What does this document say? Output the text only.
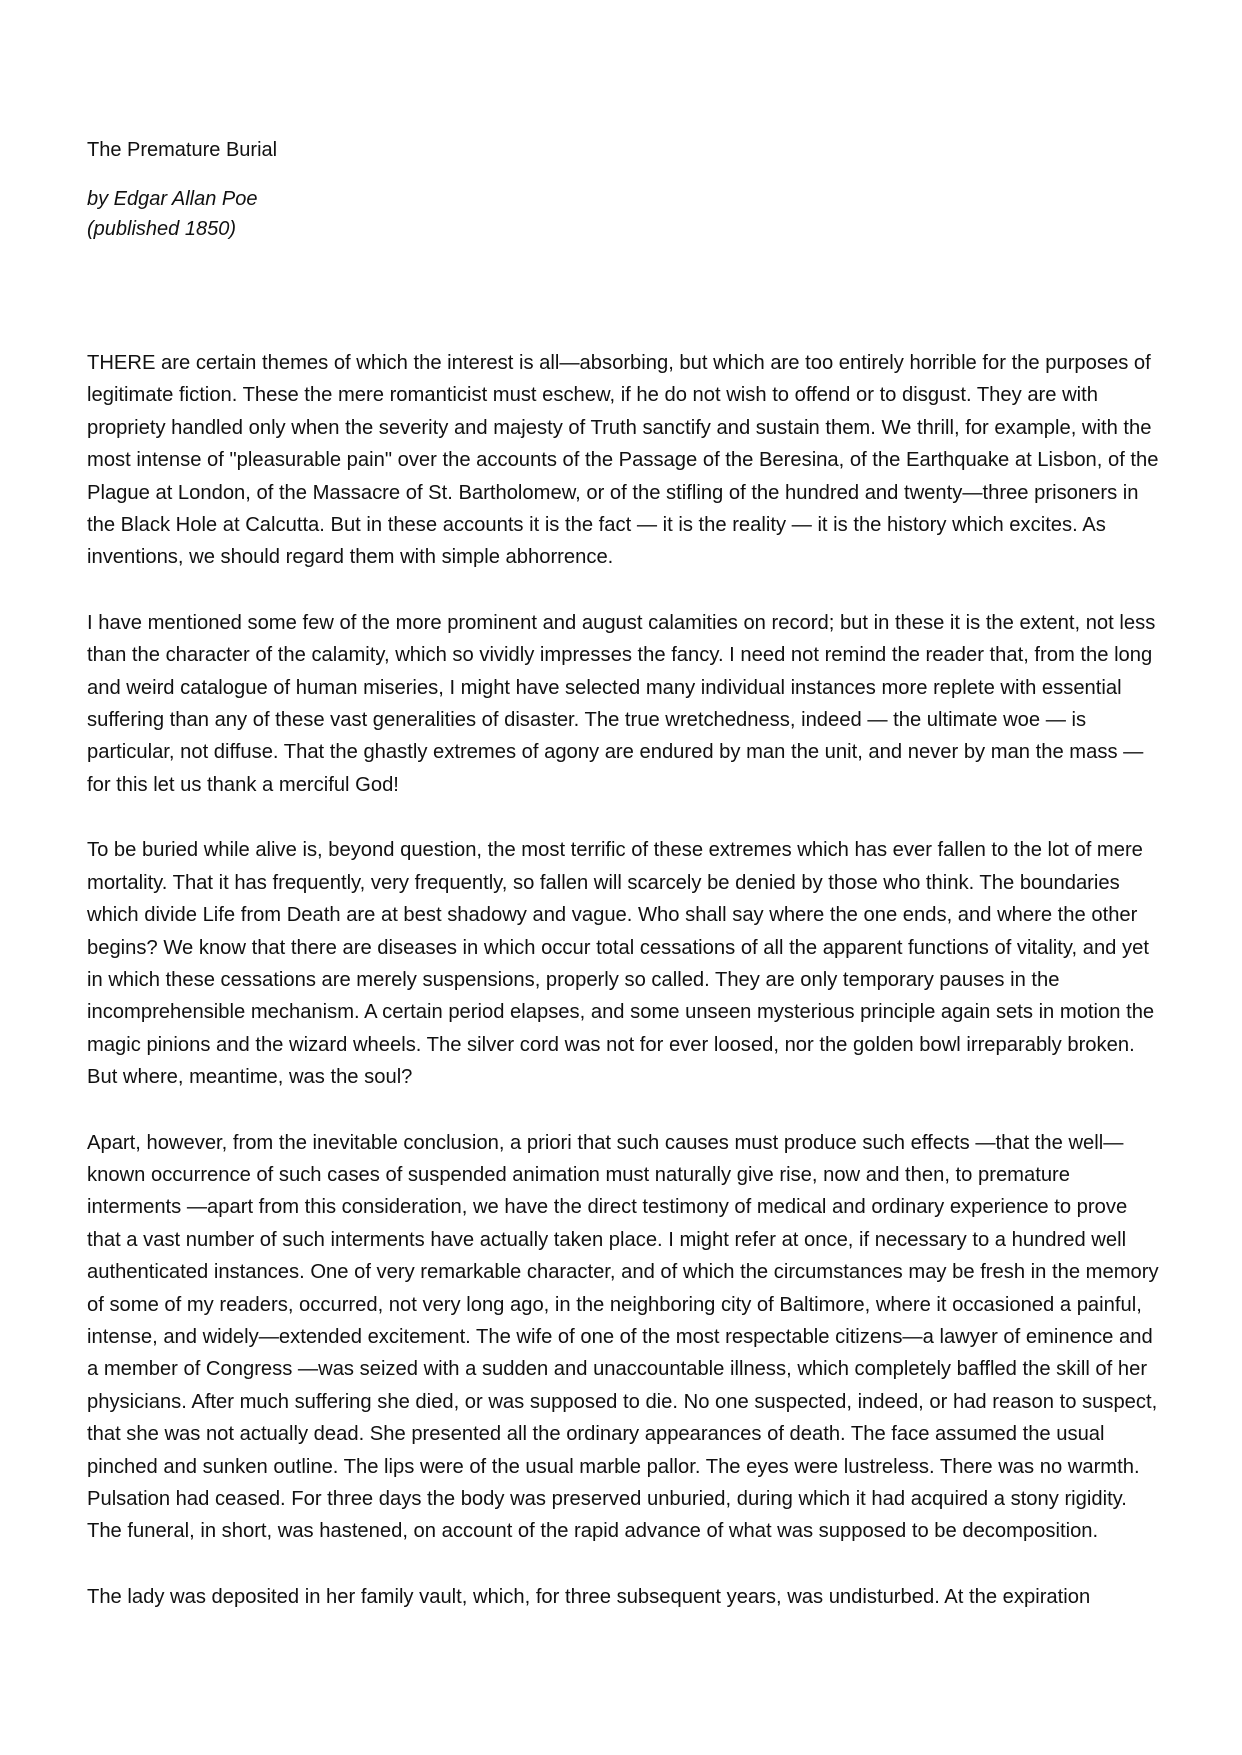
The Premature Burial

by Edgar Allan Poe

(published 1850)

THERE are certain themes of which the interest is all—absorbing, but which are too entirely horrible for the purposes of legitimate fiction. These the mere romanticist must eschew, if he do not wish to offend or to disgust. They are with propriety handled only when the severity and majesty of Truth sanctify and sustain them. We thrill, for example, with the most intense of "pleasurable pain" over the accounts of the Passage of the Beresina, of the Earthquake at Lisbon, of the Plague at London, of the Massacre of St. Bartholomew, or of the stifling of the hundred and twenty—three prisoners in the Black Hole at Calcutta. But in these accounts it is the fact — it is the reality — it is the history which excites. As inventions, we should regard them with simple abhorrence.

I have mentioned some few of the more prominent and august calamities on record; but in these it is the extent, not less than the character of the calamity, which so vividly impresses the fancy. I need not remind the reader that, from the long and weird catalogue of human miseries, I might have selected many individual instances more replete with essential suffering than any of these vast generalities of disaster. The true wretchedness, indeed — the ultimate woe — is particular, not diffuse. That the ghastly extremes of agony are endured by man the unit, and never by man the mass — for this let us thank a merciful God!

To be buried while alive is, beyond question, the most terrific of these extremes which has ever fallen to the lot of mere mortality. That it has frequently, very frequently, so fallen will scarcely be denied by those who think. The boundaries which divide Life from Death are at best shadowy and vague. Who shall say where the one ends, and where the other begins? We know that there are diseases in which occur total cessations of all the apparent functions of vitality, and yet in which these cessations are merely suspensions, properly so called. They are only temporary pauses in the incomprehensible mechanism. A certain period elapses, and some unseen mysterious principle again sets in motion the magic pinions and the wizard wheels. The silver cord was not for ever loosed, nor the golden bowl irreparably broken. But where, meantime, was the soul?

Apart, however, from the inevitable conclusion, a priori that such causes must produce such effects —that the well—known occurrence of such cases of suspended animation must naturally give rise, now and then, to premature interments —apart from this consideration, we have the direct testimony of medical and ordinary experience to prove that a vast number of such interments have actually taken place. I might refer at once, if necessary to a hundred well authenticated instances. One of very remarkable character, and of which the circumstances may be fresh in the memory of some of my readers, occurred, not very long ago, in the neighboring city of Baltimore, where it occasioned a painful, intense, and widely—extended excitement. The wife of one of the most respectable citizens—a lawyer of eminence and a member of Congress —was seized with a sudden and unaccountable illness, which completely baffled the skill of her physicians. After much suffering she died, or was supposed to die. No one suspected, indeed, or had reason to suspect, that she was not actually dead. She presented all the ordinary appearances of death. The face assumed the usual pinched and sunken outline. The lips were of the usual marble pallor. The eyes were lustreless. There was no warmth. Pulsation had ceased. For three days the body was preserved unburied, during which it had acquired a stony rigidity. The funeral, in short, was hastened, on account of the rapid advance of what was supposed to be decomposition.

The lady was deposited in her family vault, which, for three subsequent years, was undisturbed. At the expiration
